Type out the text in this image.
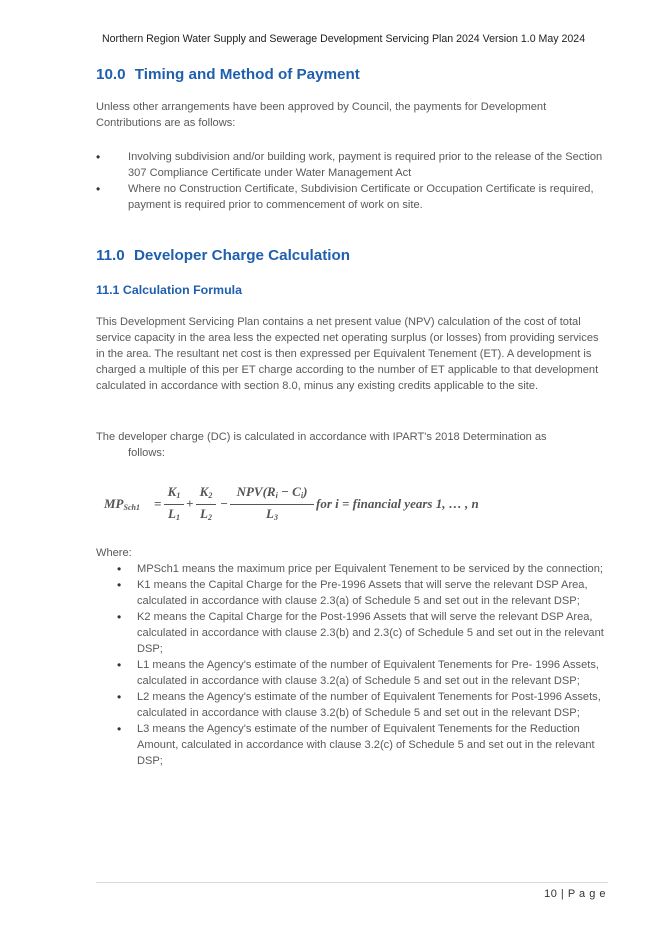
Northern Region Water Supply and Sewerage Development Servicing Plan 2024 Version 1.0 May 2024
10.0 Timing and Method of Payment

Unless other arrangements have been approved by Council, the payments for Development Contributions are as follows:

•	Involving subdivision and/or building work, payment is required prior to the release of the Section 307 Compliance Certificate under Water Management Act
•	Where no Construction Certificate, Subdivision Certificate or Occupation Certificate is required, payment is required prior to commencement of work on site.
11.0 Developer Charge Calculation
11.1 Calculation Formula

This Development Servicing Plan contains a net present value (NPV) calculation of the cost of total service capacity in the area less the expected net operating surplus (or losses) from providing services in the area. The resultant net cost is then expressed per Equivalent Tenement (ET). A development is charged a multiple of this per ET charge according to the number of ET applicable to that development calculated in accordance with section 8.0, minus any existing credits applicable to the site.

The developer charge (DC) is calculated in accordance with IPART's 2018 Determination as
follows:

$MP_{Sch1} = \frac{K_1}{L_1} + \frac{K_2}{L_2}$ −
$NPV(R_i - C_i)$
$L_3$
for i = financial years 1, … , n

Where:

• MPSch1 means the maximum price per Equivalent Tenement to be serviced by the connection;
• K1 means the Capital Charge for the Pre-1996 Assets that will serve the relevant DSP Area, calculated in accordance with clause 2.3(a) of Schedule 5 and set out in the relevant DSP;
• K2 means the Capital Charge for the Post-1996 Assets that will serve the relevant DSP Area, calculated in accordance with clause 2.3(b) and 2.3(c) of Schedule 5 and set out in the relevant DSP;
• L1 means the Agency's estimate of the number of Equivalent Tenements for Pre- 1996 Assets, calculated in accordance with clause 3.2(a) of Schedule 5 and set out in the relevant DSP;
• L2 means the Agency's estimate of the number of Equivalent Tenements for Post-1996 Assets, calculated in accordance with clause 3.2(b) of Schedule 5 and set out in the relevant DSP;
• L3 means the Agency's estimate of the number of Equivalent Tenements for the Reduction Amount, calculated in accordance with clause 3.2(c) of Schedule 5 and set out in the relevant DSP;
10 | P a g e
